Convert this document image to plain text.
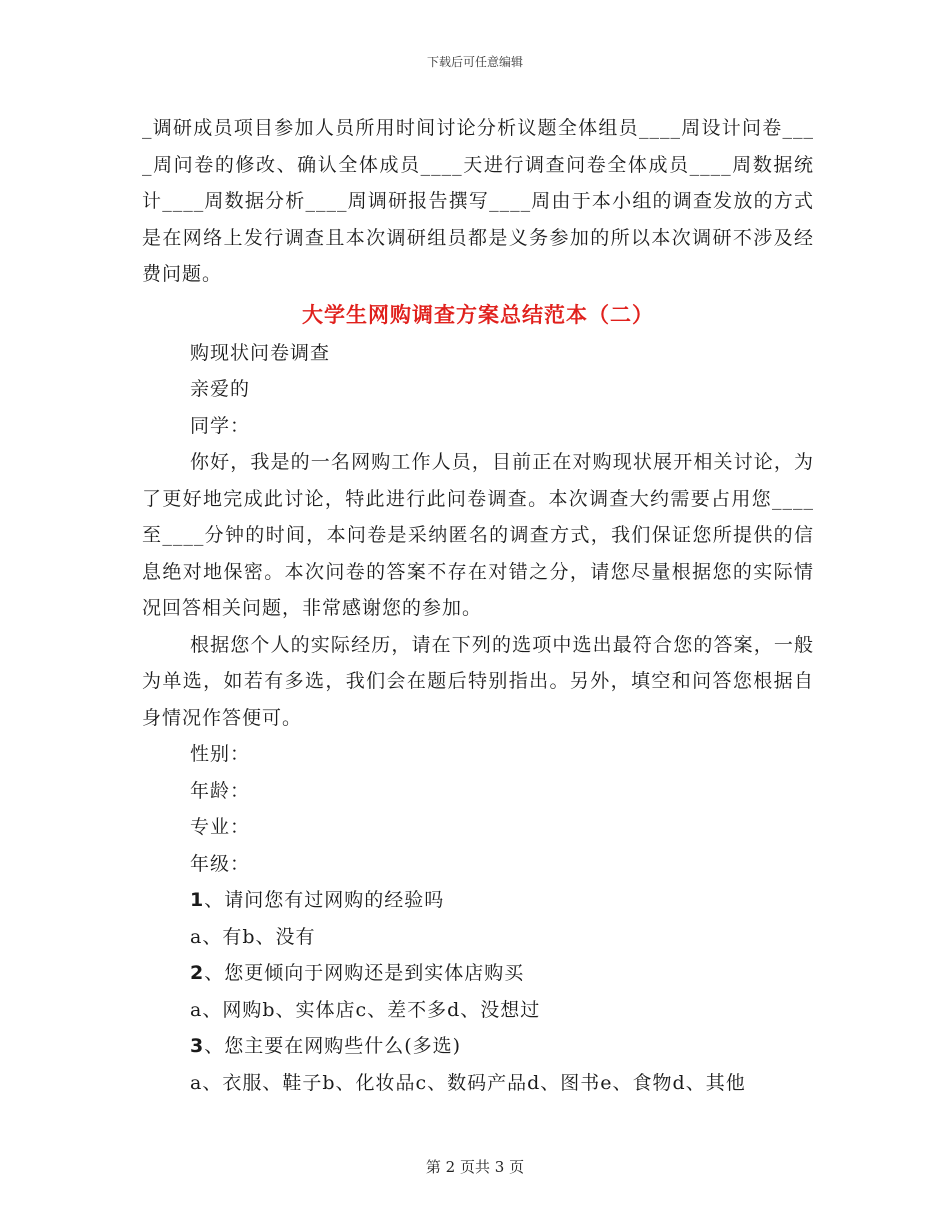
下载后可任意编辑

_调研成员项目参加人员所用时间讨论分析议题全体组员____周设计问卷____周问卷的修改、确认全体成员____天进行调查问卷全体成员____周数据统计____周数据分析____周调研报告撰写____周由于本小组的调查发放的方式是在网络上发行调查且本次调研组员都是义务参加的所以本次调研不涉及经费问题。

大学生网购调查方案总结范本（二）

购现状问卷调查

亲爱的

同学：

你好，我是的一名网购工作人员，目前正在对购现状展开相关讨论，为了更好地完成此讨论，特此进行此问卷调查。本次调查大约需要占用您____至____分钟的时间，本问卷是采纳匿名的调查方式，我们保证您所提供的信息绝对地保密。本次问卷的答案不存在对错之分，请您尽量根据您的实际情况回答相关问题，非常感谢您的参加。

根据您个人的实际经历，请在下列的选项中选出最符合您的答案，一般为单选，如若有多选，我们会在题后特别指出。另外，填空和问答您根据自身情况作答便可。

性别：

年龄：

专业：

年级：

1、请问您有过网购的经验吗

a、有b、没有

2、您更倾向于网购还是到实体店购买

a、网购b、实体店c、差不多d、没想过

3、您主要在网购些什么(多选)

a、衣服、鞋子b、化妆品c、数码产品d、图书e、食物d、其他

第 2 页共 3 页
